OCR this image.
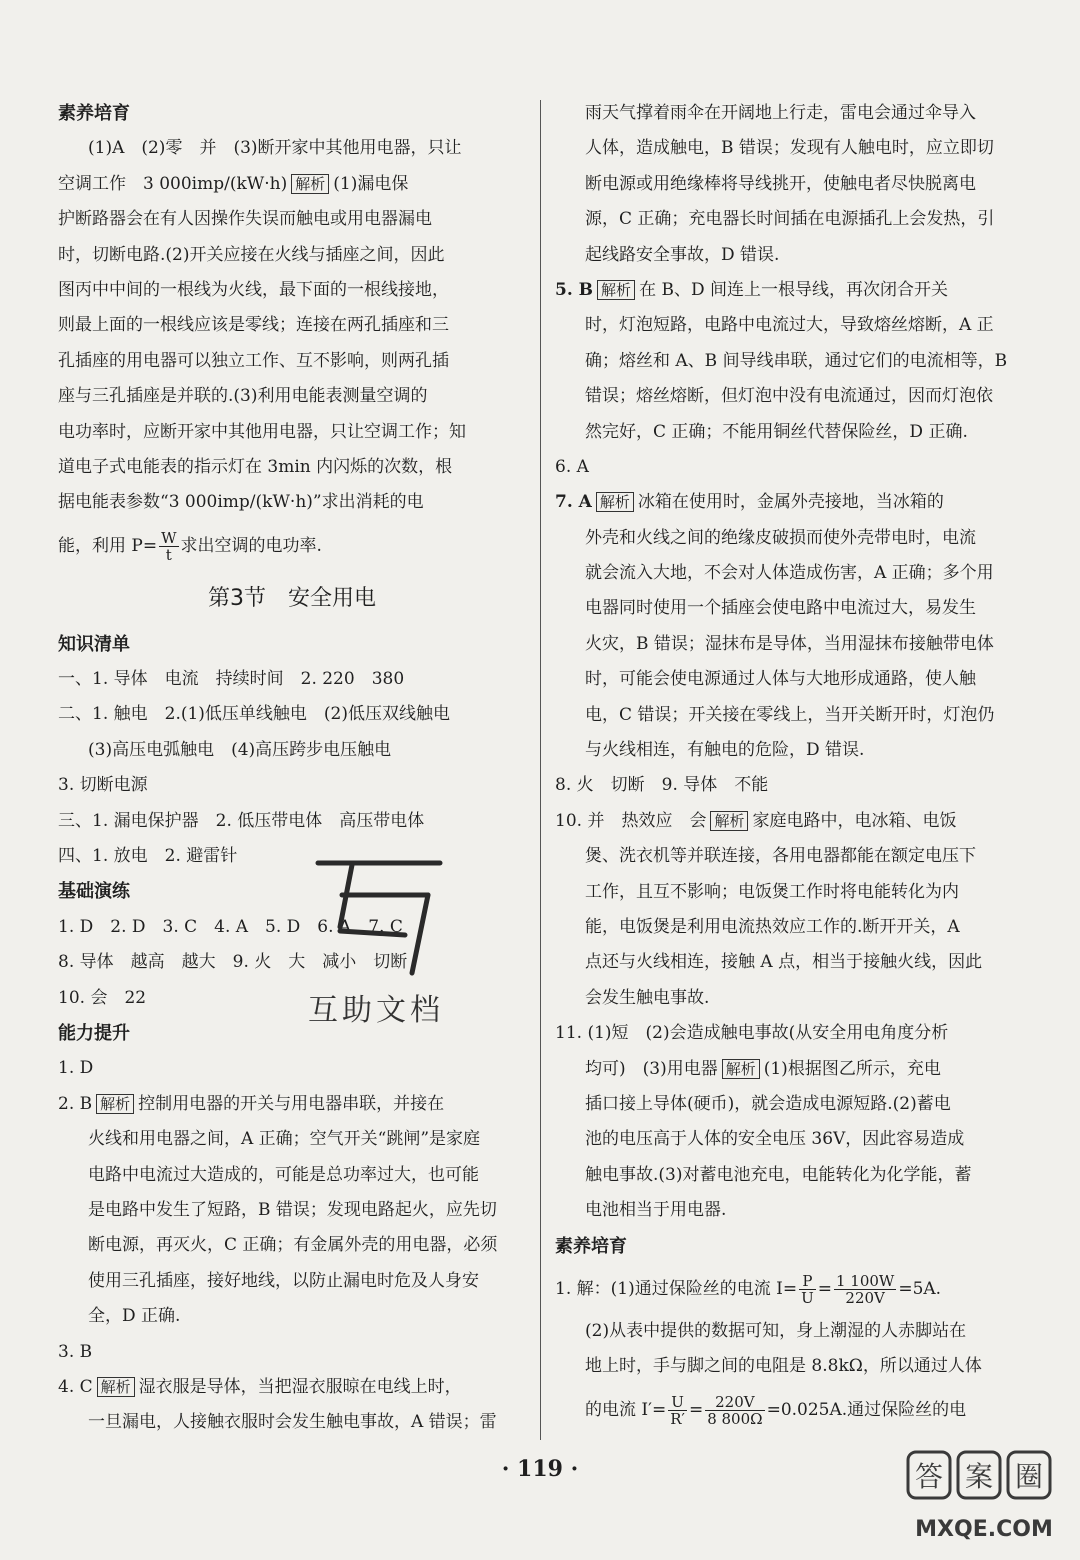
素养培育
(1)A　(2)零　并　(3)断开家中其他用电器，只让
空调工作　3 000imp/(kW·h) 解析 (1)漏电保
护断路器会在有人因操作失误而触电或用电器漏电
时，切断电路.(2)开关应接在火线与插座之间，因此
图丙中中间的一根线为火线，最下面的一根线接地，
则最上面的一根线应该是零线；连接在两孔插座和三
孔插座的用电器可以独立工作、互不影响，则两孔插
座与三孔插座是并联的.(3)利用电能表测量空调的
电功率时，应断开家中其他用电器，只让空调工作；知
道电子式电能表的指示灯在 3min 内闪烁的次数，根
据电能表参数“3 000imp/(kW·h)”求出消耗的电
能，利用 $P= \frac{W}{t}$ 求出空调的电功率.
第3节 安全用电
知识清单
一、1. 导体　电流　持续时间　2. 220　380
二、1. 触电　2.(1)低压单线触电　(2)低压双线触电
(3)高压电弧触电　(4)高压跨步电压触电
3. 切断电源
三、1. 漏电保护器　2. 低压带电体　高压带电体
四、1. 放电　2. 避雷针
基础演练
1. D　2. D　3. C　4. A　5. D　6. A　7. C
8. 导体　越高　越大　9. 火　大　减小　切断
10. 会　22
能力提升
1. D
2. B 解析 控制用电器的开关与用电器串联，并接在
火线和用电器之间，A 正确；空气开关“跳闸”是家庭
电路中电流过大造成的，可能是总功率过大，也可能
是电路中发生了短路，B 错误；发现电路起火，应先切
断电源，再灭火，C 正确；有金属外壳的用电器，必须
使用三孔插座，接好地线，以防止漏电时危及人身安
全，D 正确.
3. B
4. C 解析 湿衣服是导体，当把湿衣服晾在电线上时，
一旦漏电，人接触衣服时会发生触电事故，A 错误；雷
雨天气撑着雨伞在开阔地上行走，雷电会通过伞导入
人体，造成触电，B 错误；发现有人触电时，应立即切
断电源或用绝缘棒将导线挑开，使触电者尽快脱离电
源，C 正确；充电器长时间插在电源插孔上会发热，引
起线路安全事故，D 错误.
5. B 解析 在 B、D 间连上一根导线，再次闭合开关
时，灯泡短路，电路中电流过大，导致熔丝熔断，A 正
确；熔丝和 A、B 间导线串联，通过它们的电流相等，B
错误；熔丝熔断，但灯泡中没有电流通过，因而灯泡依
然完好，C 正确；不能用铜丝代替保险丝，D 正确.
6. A
7. A 解析 冰箱在使用时，金属外壳接地，当冰箱的
外壳和火线之间的绝缘皮破损而使外壳带电时，电流
就会流入大地，不会对人体造成伤害，A 正确；多个用
电器同时使用一个插座会使电路中电流过大，易发生
火灾，B 错误；湿抹布是导体，当用湿抹布接触带电体
时，可能会使电源通过人体与大地形成通路，使人触
电，C 错误；开关接在零线上，当开关断开时，灯泡仍
与火线相连，有触电的危险，D 错误.
8. 火　切断　9. 导体　不能
10. 并　热效应　会 解析 家庭电路中，电冰箱、电饭
煲、洗衣机等并联连接，各用电器都能在额定电压下
工作，且互不影响；电饭煲工作时将电能转化为内
能，电饭煲是利用电流热效应工作的.断开开关，A
点还与火线相连，接触 A 点，相当于接触火线，因此
会发生触电事故.
11. (1)短　(2)会造成触电事故(从安全用电角度分析
均可)　(3)用电器 解析 (1)根据图乙所示，充电
插口接上导体(硬币)，就会造成电源短路.(2)蓄电
池的电压高于人体的安全电压 36V，因此容易造成
触电事故.(3)对蓄电池充电，电能转化为化学能，蓄
电池相当于用电器.
素养培育
1. 解：(1)通过保险丝的电流 $I= \frac{P}{U} = \frac{1 100W}{220V} =5A$.
(2)从表中提供的数据可知，身上潮湿的人赤脚站在
地上时，手与脚之间的电阻是 8.8kΩ，所以通过人体
的电流 $I'= \frac{U}{R'} = \frac{220V}{8 800\Omega} =0.025A$.通过保险丝的电
互助文档
· 119 ·	答 案 圈
MXQE.COM
